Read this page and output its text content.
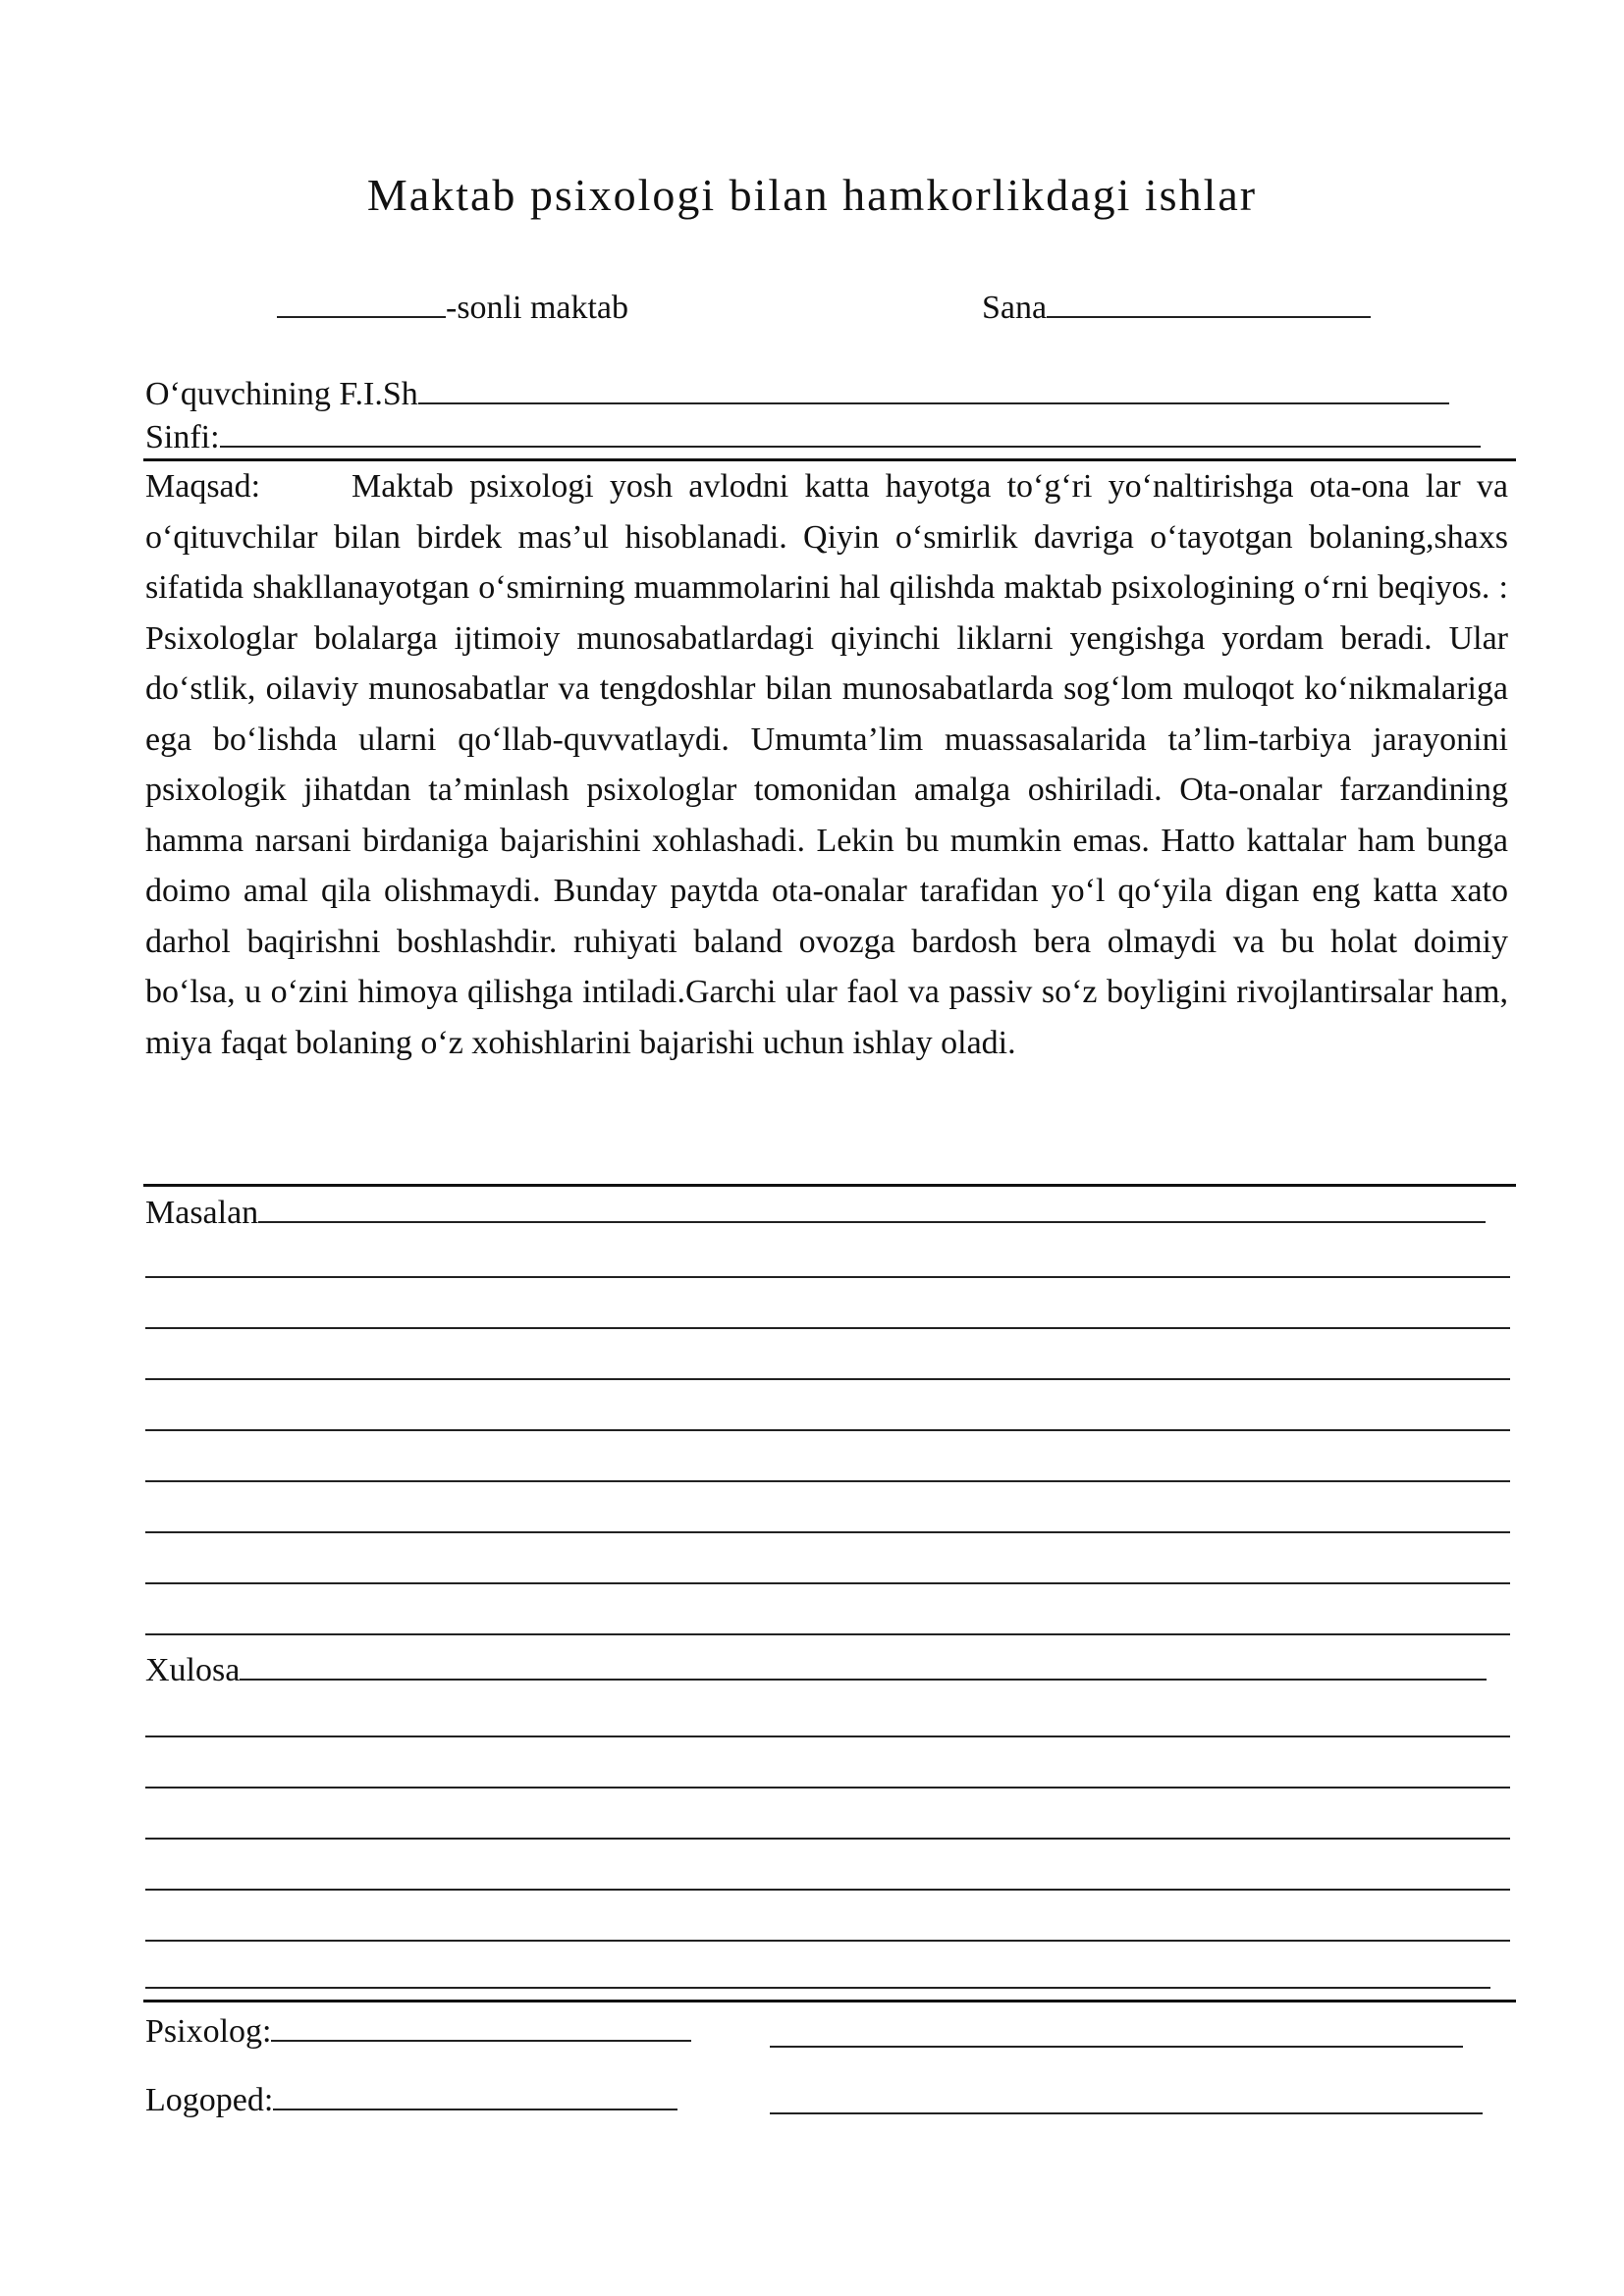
Maktab psixologi bilan hamkorlikdagi ishlar
-sonli maktab	Sana
O‘quvchining F.I.Sh
Sinfi:
Maqsad:	Maktab psixologi yosh avlodni katta hayotga to‘g‘ri yo‘naltirishga ota-ona lar va o‘qituvchilar bilan birdek mas’ul hisoblanadi. Qiyin o‘smirlik davriga o‘tayotgan bolaning,shaxs sifatida shakllanayotgan o‘smirning muammolarini hal qilishda maktab psixologining o‘rni beqiyos. : Psixologlar bolalarga ijtimoiy munosabatlardagi qiyinchi liklarni yengishga yordam beradi. Ular do‘stlik, oilaviy munosabatlar va tengdoshlar bilan munosabatlarda sog‘lom muloqot ko‘nikmalariga ega bo‘lishda ularni qo‘llab-quvvatlaydi. Umumta’lim muassasalarida ta’lim-tarbiya jarayonini psixologik jihatdan ta’minlash psixologlar tomonidan amalga oshiriladi. Ota-onalar farzandining hamma narsani birdaniga bajarishini xohlashadi. Lekin bu mumkin emas. Hatto kattalar ham bunga doimo amal qila olishmaydi. Bunday paytda ota-onalar tarafidan yo‘l qo‘yila digan eng katta xato darhol baqirishni boshlashdir. ruhiyati baland ovozga bardosh bera olmaydi va bu holat doimiy bo‘lsa, u o‘zini himoya qilishga intiladi.Garchi ular faol va passiv so‘z boyligini rivojlantirsalar ham, miya faqat bolaning o‘z xohishlarini bajarishi uchun ishlay oladi.
Masalan
Xulosa
Psixolog:
Logoped:
